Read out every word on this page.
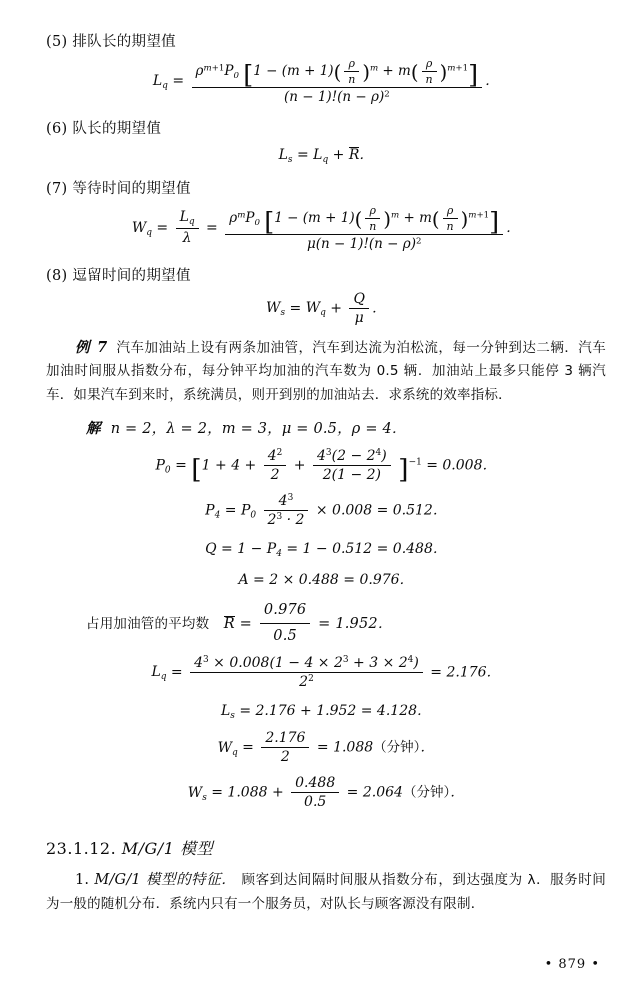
(5) 排队长的期望值
$L_q = \frac{\rho^{m+1}P_0 [1 - (m + 1)( \frac{\rho}{n} )^m + m( \frac{\rho}{n} )^{m+1}]}{(n - 1)!(n - \rho)^2}$ ．
(6) 队长的期望值
$L_s = L_q + R$．
(7) 等待时间的期望值
$W_q = \frac{L_q}{\lambda} = \frac{\rho^mP_0 [1 - (m + 1)( \frac{\rho}{n} )^m + m( \frac{\rho}{n} )^{m+1}]}{\mu(n - 1)!(n - \rho)^2}$ ．
(8) 逗留时间的期望值
$W_s = W_q + \frac{Q}{\mu}$ ．
例 7 汽车加油站上设有两条加油管，汽车到达流为泊松流，每一分钟到达二辆．汽车加油时间服从指数分布，每分钟平均加油的汽车数为 0.5 辆．加油站上最多只能停 3 辆汽车．如果汽车到来时，系统满员，则开到别的加油站去．求系统的效率指标．
解 n = 2，λ = 2，m = 3，μ = 0.5，ρ = 4．
$P_0 = [1 + 4 + \frac{4^2}{2} + \frac{4^3(2 - 2^4)}{2(1 - 2)} ]^{-1} = 0.008$．
$P_4 = P_0 \frac{4^3}{2^3 \cdot 2} \times 0.008 = 0.512$．
$Q = 1 - P_4 = 1 - 0.512 = 0.488$．
A = 2 × 0.488 = 0.976．
占用加油管的平均数 $R = \frac{0.976}{0.5} = 1.952$．
$L_q = \frac{4^3 \times 0.008(1 - 4 \times 2^3 + 3 \times 2^4)}{2^2} = 2.176$．
$L_s = 2.176 + 1.952 = 4.128$．
$W_q = \frac{2.176}{2} = 1.088$（分钟）．
$W_s = 1.088 + \frac{0.488}{0.5} = 2.064$（分钟）．
23.1.12. M/G/1 模型
1. M/G/1 模型的特征． 顾客到达间隔时间服从指数分布，到达强度为 λ．服务时间为一般的随机分布．系统内只有一个服务员，对队长与顾客源没有限制．
• 879 •
